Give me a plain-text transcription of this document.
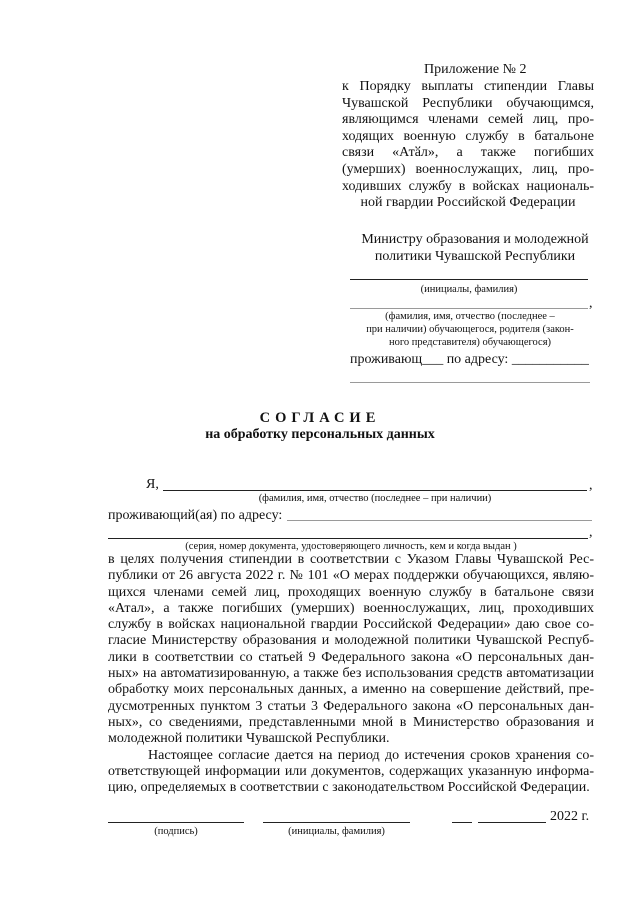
Приложение № 2
к Порядку выплаты стипендии Главы
Чувашской Республики обучающимся,
являющимся членами семей лиц, про-
ходящих военную службу в батальоне
связи «Атӑл», а также погибших
(умерших) военнослужащих, лиц, про-
ходивших службу в войсках националь-
ной гвардии Российской Федерации
Министру образования и молодежной
политики Чувашской Республики
(инициалы, фамилия)
,
(фамилия, имя, отчество (последнее –
при наличии) обучающегося, родителя (закон-
ного представителя) обучающегося)
проживающ___ по адресу: ___________
СОГЛАСИЕ
на обработку персональных данных
Я,	,
(фамилия, имя, отчество (последнее – при наличии)
проживающий(ая) по адресу:
,
(серия, номер документа, удостоверяющего личность, кем и когда выдан )
в целях получения стипендии в соответствии с Указом Главы Чувашской Рес-
публики от 26 августа 2022 г. № 101 «О мерах поддержки обучающихся, являю-
щихся членами семей лиц, проходящих военную службу в батальоне связи
«Атал», а также погибших (умерших) военнослужащих, лиц, проходивших
службу в войсках национальной гвардии Российской Федерации» даю свое со-
гласие Министерству образования и молодежной политики Чувашской Респуб-
лики в соответствии со статьей 9 Федерального закона «О персональных дан-
ных» на автоматизированную, а также без использования средств автоматизации
обработку моих персональных данных, а именно на совершение действий, пре-
дусмотренных пунктом 3 статьи 3 Федерального закона «О персональных дан-
ных», со сведениями, представленными мной в Министерство образования и
молодежной политики Чувашской Республики.
Настоящее согласие дается на период до истечения сроков хранения со-
ответствующей информации или документов, содержащих указанную информа-
цию, определяемых в соответствии с законодательством Российской Федерации.
(подпись)	(инициалы, фамилия)
2022 г.
